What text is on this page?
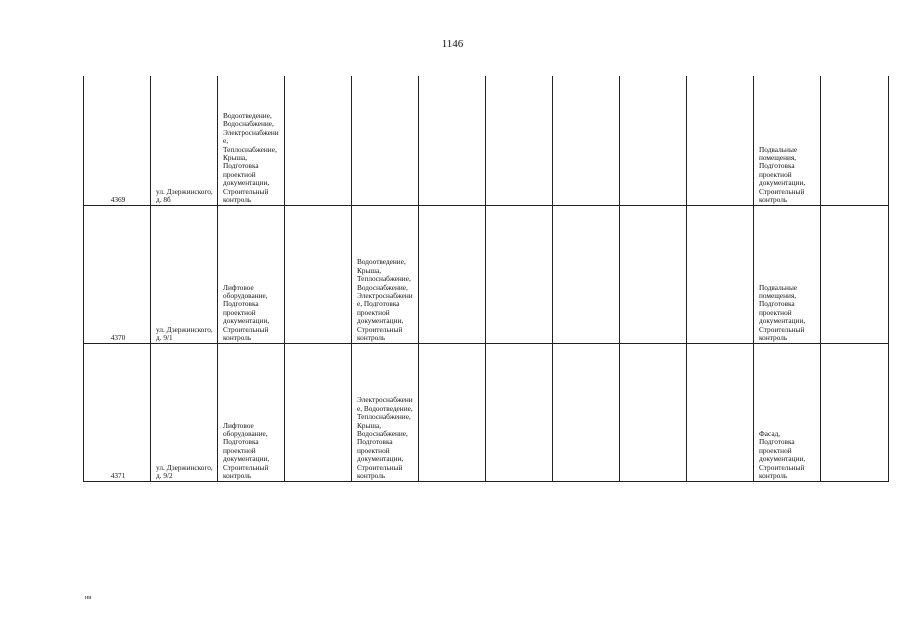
1146
4369	ул. Дзержинского, д. 8б	Водоотведение, Водоснабжение, Электроснабжение, Теплоснабжение, Крыша, Подготовка проектной документации, Строительный контроль								Подвальные помещения, Подготовка проектной документации, Строительный контроль	
4370	ул. Дзержинского, д. 9/1	Лифтовое оборудование, Подготовка проектной документации, Строительный контроль		Водоотведение, Крыша, Теплоснабжение, Водоснабжение, Электроснабжение, Подготовка проектной документации, Строительный контроль						Подвальные помещения, Подготовка проектной документации, Строительный контроль	
4371	ул. Дзержинского, д. 9/2	Лифтовое оборудование, Подготовка проектной документации, Строительный контроль		Электроснабжение, Водоотведение, Теплоснабжение, Крыша, Водоснабжение, Подготовка проектной документации, Строительный контроль						Фасад, Подготовка проектной документации, Строительный контроль	
нн
